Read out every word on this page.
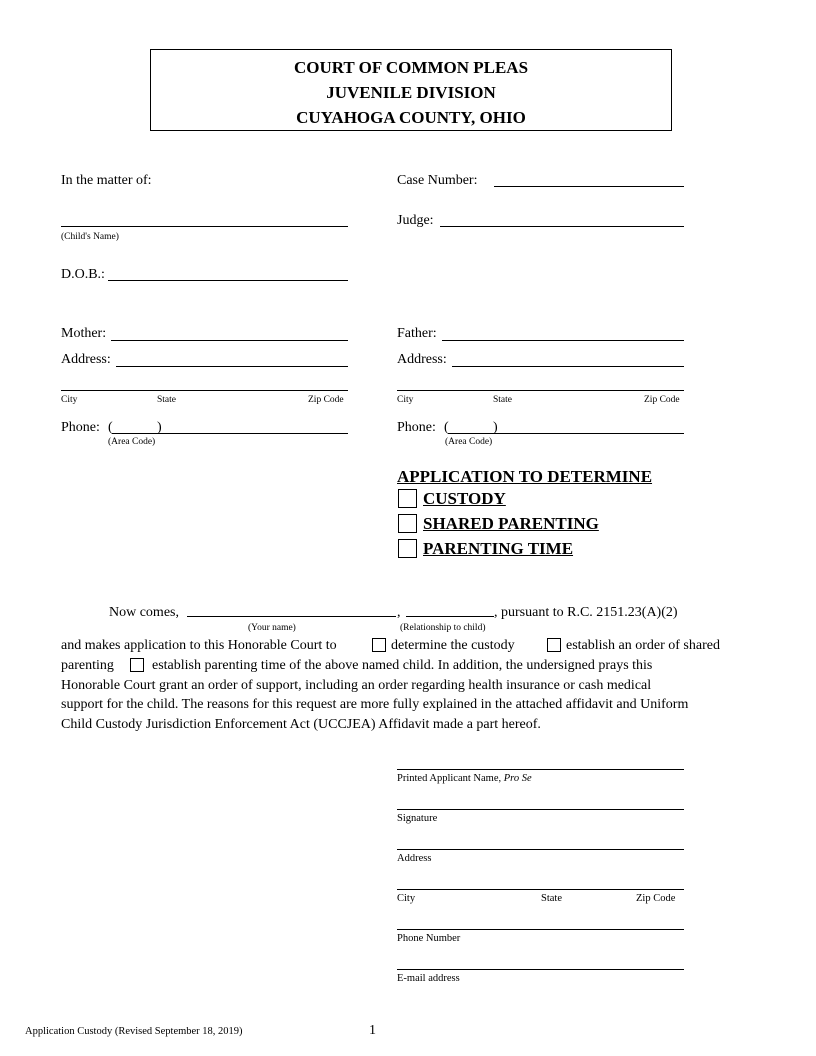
COURT OF COMMON PLEAS
JUVENILE DIVISION
CUYAHOGA COUNTY, OHIO
In the matter of:
(Child's Name)
D.O.B.:
Mother:
Address:
City	State	Zip Code
Phone: (	)
(Area Code)
Case Number:
Judge:
Father:
Address:
City	State	Zip Code
Phone: (	)
(Area Code)
APPLICATION TO DETERMINE
CUSTODY
SHARED PARENTING
PARENTING TIME
Now comes,	,	, pursuant to R.C. 2151.23(A)(2)
(Your name)	(Relationship to child)
and makes application to this Honorable Court to	determine the custody	establish an order of shared
parenting	establish parenting time of the above named child. In addition, the undersigned prays this
Honorable Court grant an order of support, including an order regarding health insurance or cash medical
support for the child. The reasons for this request are more fully explained in the attached affidavit and Uniform
Child Custody Jurisdiction Enforcement Act (UCCJEA) Affidavit made a part hereof.
Printed Applicant Name, Pro Se
Signature
Address
City	State	Zip Code
Phone Number
E-mail address
Application Custody (Revised September 18, 2019)	1
